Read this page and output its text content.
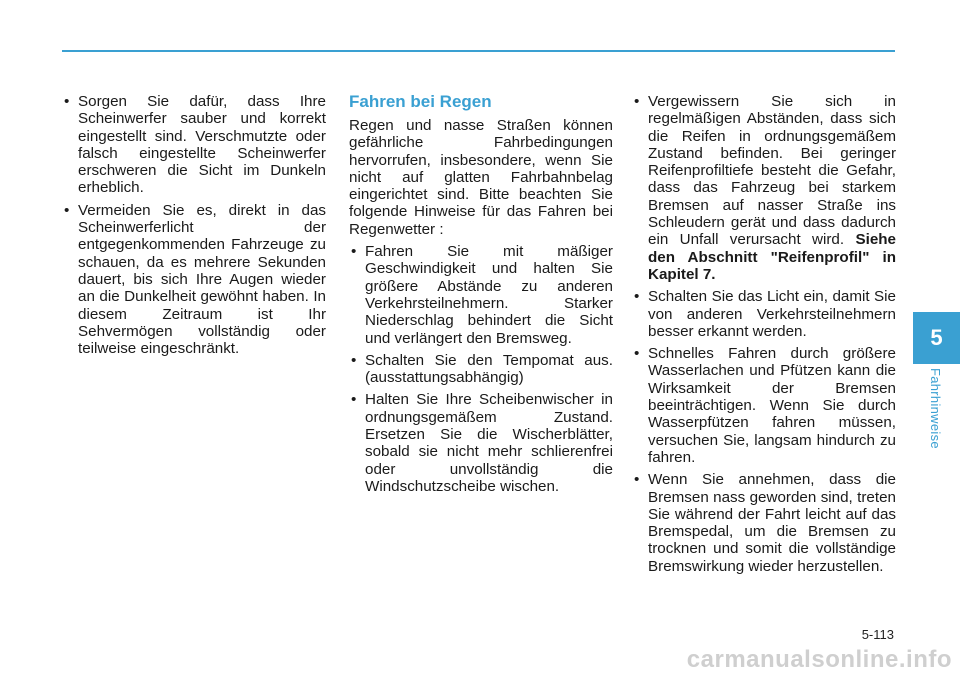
• Sorgen Sie dafür, dass Ihre Scheinwerfer sauber und korrekt eingestellt sind. Verschmutzte oder falsch eingestellte Scheinwerfer erschweren die Sicht im Dunkeln erheblich.
• Vermeiden Sie es, direkt in das Scheinwerferlicht der entgegenkommenden Fahrzeuge zu schauen, da es mehrere Sekunden dauert, bis sich Ihre Augen wieder an die Dunkelheit gewöhnt haben. In diesem Zeitraum ist Ihr Sehvermögen vollständig oder teilweise eingeschränkt.
Fahren bei Regen

Regen und nasse Straßen können gefährliche Fahrbedingungen hervorrufen, insbesondere, wenn Sie nicht auf glatten Fahrbahnbelag eingerichtet sind. Bitte beachten Sie folgende Hinweise für das Fahren bei Regenwetter :

• Fahren Sie mit mäßiger Geschwindigkeit und halten Sie größere Abstände zu anderen Verkehrsteilnehmern. Starker Niederschlag behindert die Sicht und verlängert den Bremsweg.
• Schalten Sie den Tempomat aus. (ausstattungsabhängig)
• Halten Sie Ihre Scheibenwischer in ordnungsgemäßem Zustand. Ersetzen Sie die Wischerblätter, sobald sie nicht mehr schlierenfrei oder unvollständig die Windschutzscheibe wischen.
• Vergewissern Sie sich in regelmäßigen Abständen, dass sich die Reifen in ordnungsgemäßem Zustand befinden. Bei geringer Reifenprofiltiefe besteht die Gefahr, dass das Fahrzeug bei starkem Bremsen auf nasser Straße ins Schleudern gerät und dass dadurch ein Unfall verursacht wird. Siehe den Abschnitt "Reifenprofil" in Kapitel 7.
• Schalten Sie das Licht ein, damit Sie von anderen Verkehrsteilnehmern besser erkannt werden.
• Schnelles Fahren durch größere Wasserlachen und Pfützen kann die Wirksamkeit der Bremsen beeinträchtigen. Wenn Sie durch Wasserpfützen fahren müssen, versuchen Sie, langsam hindurch zu fahren.
• Wenn Sie annehmen, dass die Bremsen nass geworden sind, treten Sie während der Fahrt leicht auf das Bremspedal, um die Bremsen zu trocknen und somit die vollständige Bremswirkung wieder herzustellen.
5
Fahrhinweise
5-113
carmanualsonline.info
